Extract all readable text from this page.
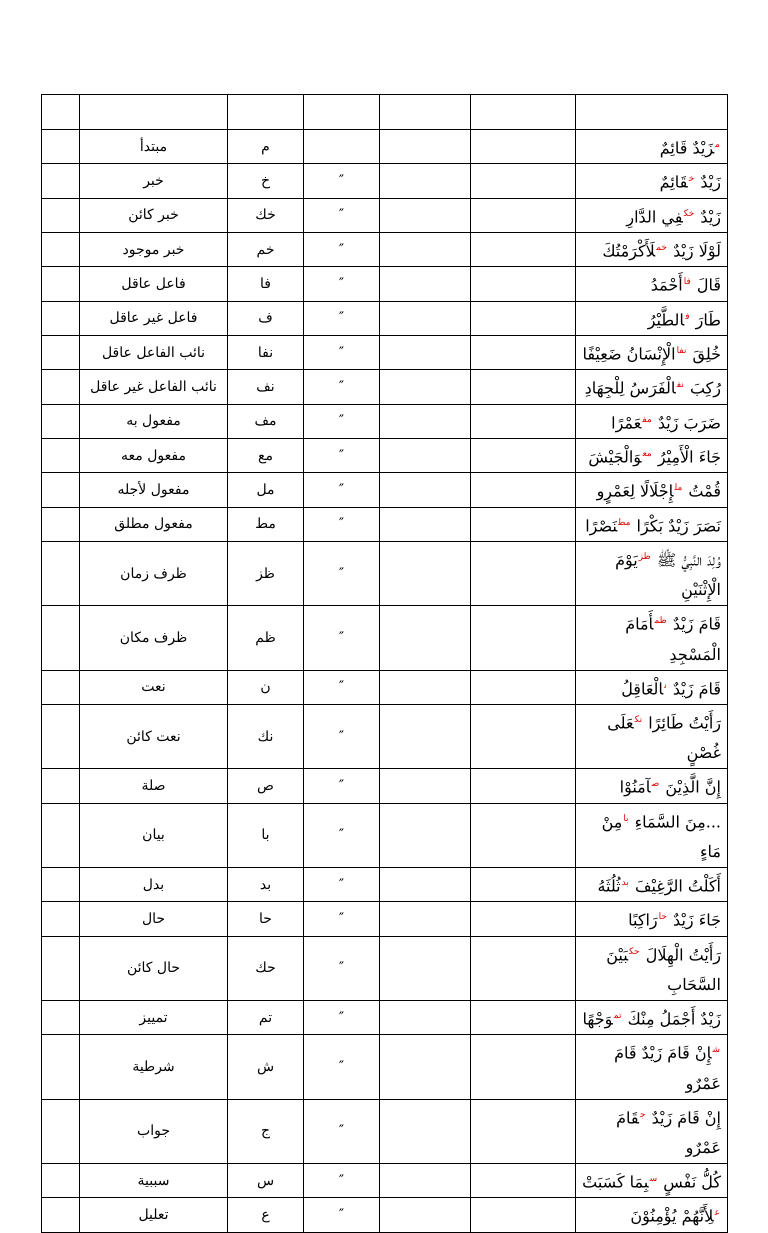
	مبتدأ	م				$^م$زَيْدٌ قَائِمٌ
	خبر	خ	″			زَيْدٌ $^خ$قَائِمٌ
	خبر كائن	خك	″			زَيْدٌ $^{خك}$فِي الدَّارِ
	خبر موجود	خم	″			لَوْلَا زَيْدٌ $^{خم}$لَأَكْرَمْتُكَ
	فاعل عاقل	فا	″			قَالَ $^{فا}$أَحْمَدُ
	فاعل غير عاقل	ف	″			طَارَ $^ف$الطَّيْرُ
	نائب الفاعل عاقل	نفا	″			خُلِقَ $^{نفا}$الْإِنْسَانُ ضَعِيْفًا
	نائب الفاعل غير عاقل	نف	″			رُكِبَ $^{نف}$الْفَرَسُ لِلْجِهَادِ
	مفعول به	مف	″			ضَرَبَ زَيْدٌ $^{مف}$عَمْرًا
	مفعول معه	مع	″			جَاءَ الْأَمِيْرُ $^{مع}$وَالْجَيْشَ
	مفعول لأجله	مل	″			قُمْتُ $^{مل}$إِجْلَالًا لِعَمْرٍو
	مفعول مطلق	مط	″			نَصَرَ زَيْدٌ بَكْرًا $^{مط}$نَصْرًا
	ظرف زمان	ظز	″			وُلِدَ النَّبِيُّ ﷺ $^{ظز}$يَوْمَ الْإِثْنَيْنِ
	ظرف مكان	ظم	″			قَامَ زَيْدٌ $^{ظم}$أَمَامَ الْمَسْجِدِ
	نعت	ن	″			قَامَ زَيْدٌ $^ن$الْعَاقِلُ
	نعت كائن	نك	″			رَأَيْتُ طَائِرًا $^{نك}$عَلَى غُصْنٍ
	صلة	ص	″			إِنَّ الَّذِيْنَ $^ص$آمَنُوْا
	بيان	با	″			...مِنَ السَّمَاءِ $^{با}$مِنْ مَاءٍ
	بدل	بد	″			أَكَلْتُ الرَّغِيْفَ $^{بد}$ثُلُثَهُ
	حال	حا	″			جَاءَ زَيْدٌ $^{حا}$رَاكِبًا
	حال كائن	حك	″			رَأَيْتُ الْهِلَالَ $^{حك}$بَيْنَ السَّحَابِ
	تمييز	تم	″			زَيْدٌ أَجْمَلُ مِنْكَ $^{تم}$وَجْهًا
	شرطية	ش	″			$^ش$إِنْ قَامَ زَيْدٌ قَامَ عَمْرٌو
	جواب	ج	″			إِنْ قَامَ زَيْدٌ $^ج$قَامَ عَمْرٌو
	سببية	س	″			كُلُّ نَفْسٍ $^س$بِمَا كَسَبَتْ
	تعليل	ع	″			$^ع$لِأَنَّهُمْ يُؤْمِنُوْنَ
